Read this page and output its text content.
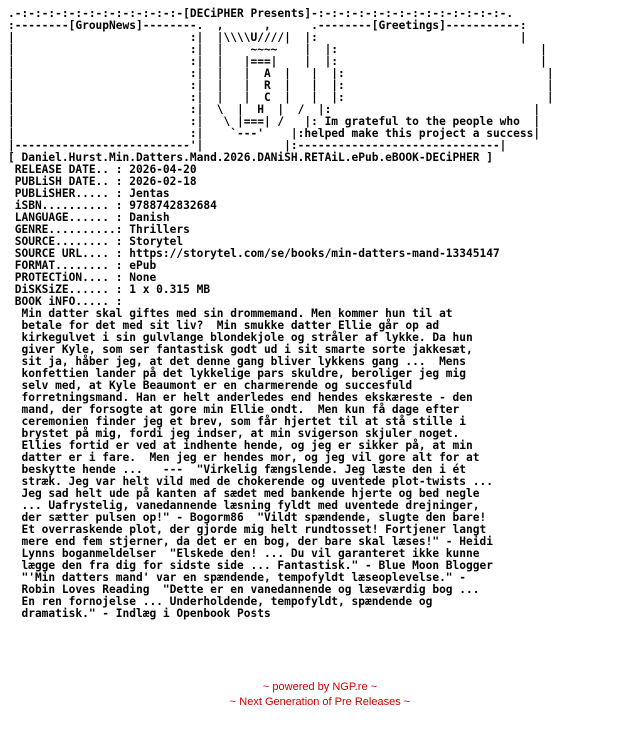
.-:-:-:-:-:-:-:-:-:-:-:-:-[DECiPHER Presents]-:-:-:-:-:-:-:-:-:-:-:-:-:-:-.
:--------[GroupNews]--------.  ,      ,      .--------[Greetings]-----------:
|                          :|  |\\\\U////|  |:                              |
|                          :|  |    ~~~~    |  |:                              |
|                          :|  |   |===|    |  |:                              |
|                          :|  |   |  A  |   |  |:                              |
|                          :|  |   |  R  |   |  |:                              |
|                          :|  |   |  C  |   |  |:                              |
|                          :|  \  |  H  |  /  |:                              |
|                          :|   \ |===| /   |: Im grateful to the people who  |
|                          :|    `---'    |:helped make this project a success|
|--------------------------'|            |:------------------------------|
[ Daniel.Hurst.Min.Datters.Mand.2026.DANiSH.RETAiL.ePub.eBOOK-DECiPHER ]
RELEASE DATE.. : 2026-04-20
PUBLiSH DATE.. : 2026-02-18
PUBLiSHER..... : Jentas
iSBN.......... : 9788742832684
LANGUAGE...... : Danish
GENRE..........: Thrillers
SOURCE........ : Storytel
SOURCE URL.... : https://storytel.com/se/books/min-datters-mand-13345147
FORMAT........ : ePub
PROTECTiON.... : None
DiSKSiZE...... : 1 x 0.315 MB
BOOK iNFO..... :
Min datter skal giftes med sin drommemand. Men kommer hun til at
betale for det med sit liv?  Min smukke datter Ellie går op ad
kirkegulvet i sin gulvlange blondekjole og stråler af lykke. Da hun
giver Kyle, som ser fantastisk godt ud i sit smarte sorte jakkesæt,
sit ja, håber jeg, at det denne gang bliver lykkens gang ...  Mens
konfettien lander på det lykkelige pars skuldre, beroliger jeg mig
selv med, at Kyle Beaumont er en charmerende og succesfuld
forretningsmand. Han er helt anderledes end hendes ekskæreste - den
mand, der forsogte at gore min Ellie ondt.  Men kun få dage efter
ceremonien finder jeg et brev, som får hjertet til at stå stille i
brystet på mig, fordi jeg indser, at min svigerson skjuler noget.
Ellies fortid er ved at indhente hende, og jeg er sikker på, at min
datter er i fare.  Men jeg er hendes mor, og jeg vil gore alt for at
beskytte hende ...   ---  "Virkelig fængslende. Jeg læste den i ét
stræk. Jeg var helt vild med de chokerende og uventede plot-twists ...
Jeg sad helt ude på kanten af sædet med bankende hjerte og bed negle
... Uafrystelig, vanedannende læsning fyldt med uventede drejninger,
der sætter pulsen op!" - Bogorm86  "Vildt spændende, slugte den bare!
Et overraskende plot, der gjorde mig helt rundtosset! Fortjener langt
mere end fem stjerner, da det er en bog, der bare skal læses!" - Heidi
Lynns boganmeldelser  "Elskede den! ... Du vil garanteret ikke kunne
lægge den fra dig for sidste side ... Fantastisk." - Blue Moon Blogger
"'Min datters mand' var en spændende, tempofyldt læseoplevelse." -
Robin Loves Reading  "Dette er en vanedannende og læseværdig bog ...
En ren fornojelse ... Underholdende, tempofyldt, spændende og
dramatisk." - Indlæg i Openbook Posts
~ powered by NGP.re ~
~ Next Generation of Pre Releases ~
